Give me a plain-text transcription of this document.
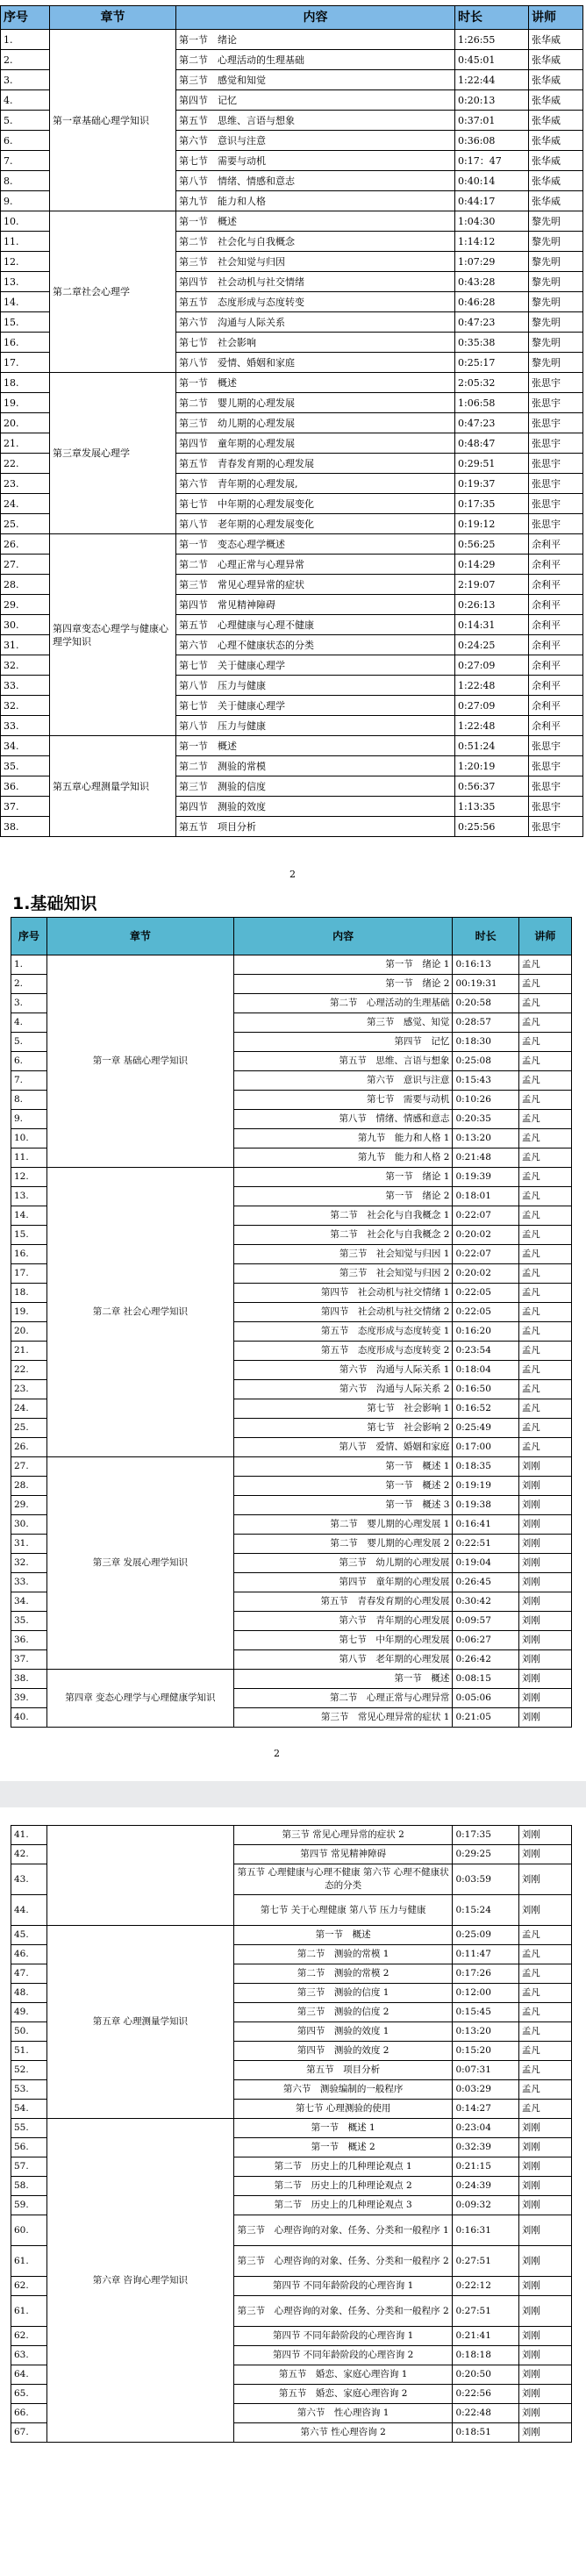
序号	章节	内容	时长	讲师
1.	第一章基础心理学知识	第一节　绪论	1:26:55	张华威
2.		第二节　心理活动的生理基础	0:45:01	张华威
3.		第三节　感觉和知觉	1:22:44	张华威
4.		第四节　记忆	0:20:13	张华威
5.		第五节　思维、言语与想象	0:37:01	张华威
6.		第六节　意识与注意	0:36:08	张华威
7.		第七节　需要与动机	0:17：47	张华威
8.		第八节　情绪、情感和意志	0:40:14	张华威
9.		第九节　能力和人格	0:44:17	张华威
10.	第二章社会心理学	第一节　概述	1:04:30	黎先明
11.		第二节　社会化与自我概念	1:14:12	黎先明
12.		第三节　社会知觉与归因	1:07:29	黎先明
13.		第四节　社会动机与社交情绪	0:43:28	黎先明
14.		第五节　态度形成与态度转变	0:46:28	黎先明
15.		第六节　沟通与人际关系	0:47:23	黎先明
16.		第七节　社会影响	0:35:38	黎先明
17.		第八节　爱情、婚姻和家庭	0:25:17	黎先明
18.	第三章发展心理学	第一节　概述	2:05:32	张思宇
19.		第二节　婴儿期的心理发展	1:06:58	张思宇
20.		第三节　幼儿期的心理发展	0:47:23	张思宇
21.		第四节　童年期的心理发展	0:48:47	张思宇
22.		第五节　青春发育期的心理发展	0:29:51	张思宇
23.		第六节　青年期的心理发展,	0:19:37	张思宇
24.		第七节　中年期的心理发展变化	0:17:35	张思宇
25.		第八节　老年期的心理发展变化	0:19:12	张思宇
26.	第四章变态心理学与健康心理学知识	第一节　变态心理学概述	0:56:25	余利平
27.		第二节　心理正常与心理异常	0:14:29	余利平
28.		第三节　常见心理异常的症状	2:19:07	余利平
29.		第四节　常见精神障碍	0:26:13	余利平
30.		第五节　心理健康与心理不健康	0:14:31	余利平
31.		第六节　心理不健康状态的分类	0:24:25	余利平
32.		第七节　关于健康心理学	0:27:09	余利平
33.		第八节　压力与健康	1:22:48	余利平
32.		第七节　关于健康心理学	0:27:09	余利平
33.		第八节　压力与健康	1:22:48	余利平
34.	第五章心理测量学知识	第一节　概述	0:51:24	张思宇
35.		第二节　测验的常模	1:20:19	张思宇
36.		第三节　测验的信度	0:56:37	张思宇
37.		第四节　测验的效度	1:13:35	张思宇
38.		第五节　项目分析	0:25:56	张思宇
2
1.基础知识
序号	章节	内容	时长	讲师
1.	第一章 基础心理学知识	第一节　绪论 1	0:16:13	孟凡
2.		第一节　绪论 2	00:19:31	孟凡
3.		第二节　心理活动的生理基础	0:20:58	孟凡
4.		第三节　感觉、知觉	0:28:57	孟凡
5.		第四节　记忆	0:18:30	孟凡
6.		第五节　思维、言语与想象	0:25:08	孟凡
7.		第六节　意识与注意	0:15:43	孟凡
8.		第七节　需要与动机	0:10:26	孟凡
9.		第八节　情绪、情感和意志	0:20:35	孟凡
10.		第九节　能力和人格 1	0:13:20	孟凡
11.		第九节　能力和人格 2	0:21:48	孟凡
12.	第二章 社会心理学知识	第一节　绪论 1	0:19:39	孟凡
13.		第一节　绪论 2	0:18:01	孟凡
14.		第二节　社会化与自我概念 1	0:22:07	孟凡
15.		第二节　社会化与自我概念 2	0:20:02	孟凡
16.		第三节　社会知觉与归因 1	0:22:07	孟凡
17.		第三节　社会知觉与归因 2	0:20:02	孟凡
18.		第四节　社会动机与社交情绪 1	0:22:05	孟凡
19.		第四节　社会动机与社交情绪 2	0:22:05	孟凡
20.		第五节　态度形成与态度转变 1	0:16:20	孟凡
21.		第五节　态度形成与态度转变 2	0:23:54	孟凡
22.		第六节　沟通与人际关系 1	0:18:04	孟凡
23.		第六节　沟通与人际关系 2	0:16:50	孟凡
24.		第七节　社会影响 1	0:16:52	孟凡
25.		第七节　社会影响 2	0:25:49	孟凡
26.		第八节　爱情、婚姻和家庭	0:17:00	孟凡
27.	第三章 发展心理学知识	第一节　概述 1	0:18:35	刘刚
28.		第一节　概述 2	0:19:19	刘刚
29.		第一节　概述 3	0:19:38	刘刚
30.		第二节　婴儿期的心理发展 1	0:16:41	刘刚
31.		第二节　婴儿期的心理发展 2	0:22:51	刘刚
32.		第三节　幼儿期的心理发展	0:19:04	刘刚
33.		第四节　童年期的心理发展	0:26:45	刘刚
34.		第五节　青春发育期的心理发展	0:30:42	刘刚
35.		第六节　青年期的心理发展	0:09:57	刘刚
36.		第七节　中年期的心理发展	0:06:27	刘刚
37.		第八节　老年期的心理发展	0:26:42	刘刚
38.	第四章 变态心理学与心理健康学知识	第一节　概述	0:08:15	刘刚
39.		第二节　心理正常与心理异常	0:05:06	刘刚
40.		第三节　常见心理异常的症状 1	0:21:05	刘刚
2
41.		第三节 常见心理异常的症状 2	0:17:35	刘刚
42.		第四节 常见精神障碍	0:29:25	刘刚
43.		第五节 心理健康与心理不健康 第六节 心理不健康状态的分类	0:03:59	刘刚
44.		第七节 关于心理健康 第八节 压力与健康	0:15:24	刘刚
45.	第五章 心理测量学知识	第一节　概述	0:25:09	孟凡
46.		第二节　测验的常模 1	0:11:47	孟凡
47.		第二节　测验的常模 2	0:17:26	孟凡
48.		第三节　测验的信度 1	0:12:00	孟凡
49.		第三节　测验的信度 2	0:15:45	孟凡
50.		第四节　测验的效度 1	0:13:20	孟凡
51.		第四节　测验的效度 2	0:15:20	孟凡
52.		第五节　项目分析	0:07:31	孟凡
53.		第六节　测验编制的一般程序	0:03:29	孟凡
54.		第七节 心理测验的使用	0:14:27	孟凡
55.	第六章 咨询心理学知识	第一节　概述 1	0:23:04	刘刚
56.		第一节　概述 2	0:32:39	刘刚
57.		第二节　历史上的几种理论观点 1	0:21:15	刘刚
58.		第二节　历史上的几种理论观点 2	0:24:39	刘刚
59.		第二节　历史上的几种理论观点 3	0:09:32	刘刚
60.		第三节　心理咨询的对象、任务、分类和一般程序 1	0:16:31	刘刚
61.		第三节　心理咨询的对象、任务、分类和一般程序 2	0:27:51	刘刚
62.		第四节 不同年龄阶段的心理咨询 1	0:22:12	刘刚
61.		第三节　心理咨询的对象、任务、分类和一般程序 2	0:27:51	刘刚
62.		第四节 不同年龄阶段的心理咨询 1	0:21:41	刘刚
63.		第四节 不同年龄阶段的心理咨询 2	0:18:18	刘刚
64.		第五节　婚恋、家庭心理咨询 1	0:20:50	刘刚
65.		第五节　婚恋、家庭心理咨询 2	0:22:56	刘刚
66.		第六节　性心理咨询 1	0:22:48	刘刚
67.		第六节 性心理咨询 2	0:18:51	刘刚
